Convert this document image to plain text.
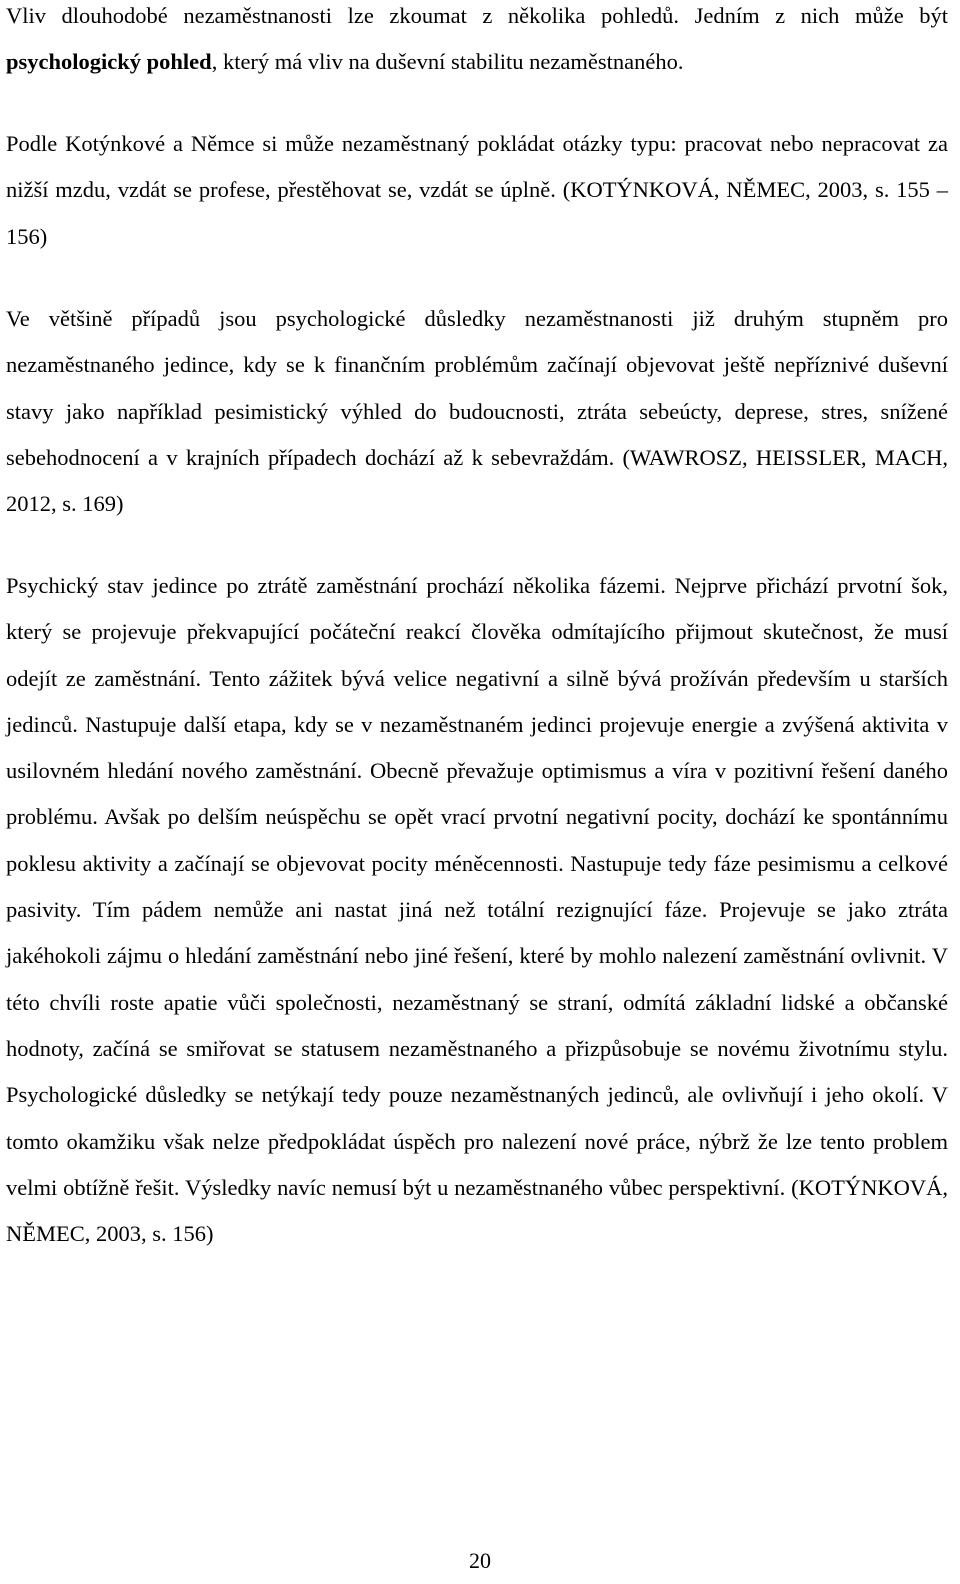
Vliv dlouhodobé nezaměstnanosti lze zkoumat z několika pohledů. Jedním z nich může být psychologický pohled, který má vliv na duševní stabilitu nezaměstnaného.

Podle Kotýnkové a Němce si může nezaměstnaný pokládat otázky typu: pracovat nebo nepracovat za nižší mzdu, vzdát se profese, přestěhovat se, vzdát se úplně. (KOTÝNKOVÁ, NĚMEC, 2003, s. 155 – 156)

Ve většině případů jsou psychologické důsledky nezaměstnanosti již druhým stupněm pro nezaměstnaného jedince, kdy se k finančním problémům začínají objevovat ještě nepříznivé duševní stavy jako například pesimistický výhled do budoucnosti, ztráta sebeúcty, deprese, stres, snížené sebehodnocení a v krajních případech dochází až k sebevraždám. (WAWROSZ, HEISSLER, MACH, 2012, s. 169)

Psychický stav jedince po ztrátě zaměstnání prochází několika fázemi. Nejprve přichází prvotní šok, který se projevuje překvapující počáteční reakcí člověka odmítajícího přijmout skutečnost, že musí odejít ze zaměstnání. Tento zážitek bývá velice negativní a silně bývá prožíván především u starších jedinců. Nastupuje další etapa, kdy se v nezaměstnaném jedinci projevuje energie a zvýšená aktivita v usilovném hledání nového zaměstnání. Obecně převažuje optimismus a víra v pozitivní řešení daného problému. Avšak po delším neúspěchu se opět vrací prvotní negativní pocity, dochází ke spontánnímu poklesu aktivity a začínají se objevovat pocity méněcennosti. Nastupuje tedy fáze pesimismu a celkové pasivity. Tím pádem nemůže ani nastat jiná než totální rezignující fáze. Projevuje se jako ztráta jakéhokoli zájmu o hledání zaměstnání nebo jiné řešení, které by mohlo nalezení zaměstnání ovlivnit. V této chvíli roste apatie vůči společnosti, nezaměstnaný se straní, odmítá základní lidské a občanské hodnoty, začíná se smiřovat se statusem nezaměstnaného a přizpůsobuje se novému životnímu stylu. Psychologické důsledky se netýkají tedy pouze nezaměstnaných jedinců, ale ovlivňují i jeho okolí. V tomto okamžiku však nelze předpokládat úspěch pro nalezení nové práce, nýbrž že lze tento problem velmi obtížně řešit. Výsledky navíc nemusí být u nezaměstnaného vůbec perspektivní. (KOTÝNKOVÁ, NĚMEC, 2003, s. 156)

20
